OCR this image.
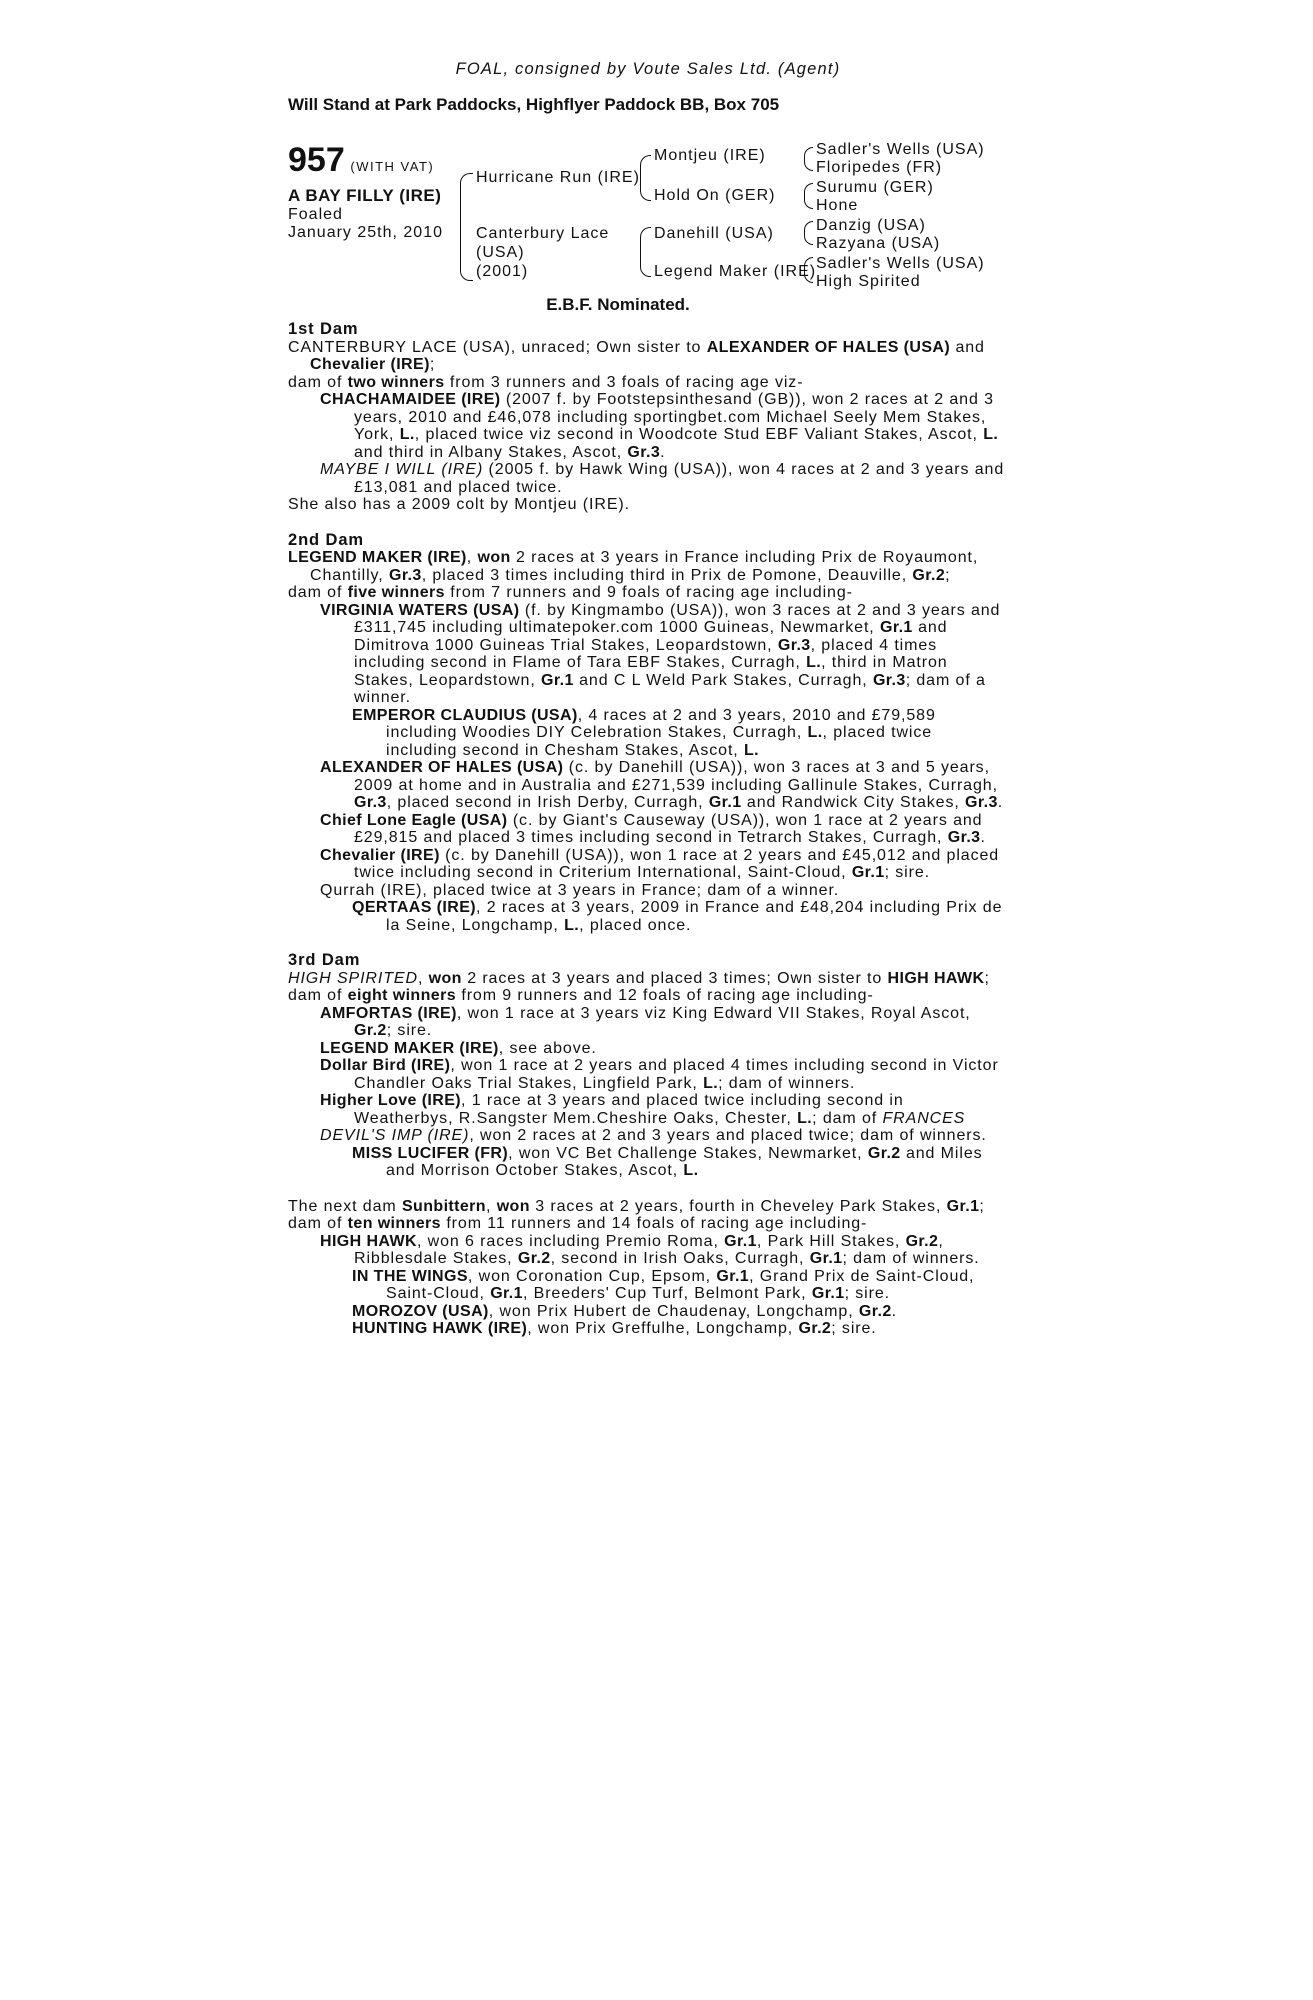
FOAL, consigned by Voute Sales Ltd. (Agent)
Will Stand at Park Paddocks, Highflyer Paddock BB, Box 705
957 (WITH VAT)
A BAY FILLY (IRE)
Foaled
January 25th, 2010
Hurricane Run (IRE)
Canterbury Lace
(USA)
(2001)
Montjeu (IRE)
Hold On (GER)
Danehill (USA)
Legend Maker (IRE)
Sadler's Wells (USA)
Floripedes (FR)
Surumu (GER)
Hone
Danzig (USA)
Razyana (USA)
Sadler's Wells (USA)
High Spirited
E.B.F. Nominated.
1st Dam

CANTERBURY LACE (USA), unraced; Own sister to ALEXANDER OF HALES (USA) and Chevalier (IRE);

dam of two winners from 3 runners and 3 foals of racing age viz-

CHACHAMAIDEE (IRE) (2007 f. by Footstepsinthesand (GB)), won 2 races at 2 and 3 years, 2010 and £46,078 including sportingbet.com Michael Seely Mem Stakes, York, L., placed twice viz second in Woodcote Stud EBF Valiant Stakes, Ascot, L. and third in Albany Stakes, Ascot, Gr.3.

MAYBE I WILL (IRE) (2005 f. by Hawk Wing (USA)), won 4 races at 2 and 3 years and £13,081 and placed twice.

She also has a 2009 colt by Montjeu (IRE).

2nd Dam

LEGEND MAKER (IRE), won 2 races at 3 years in France including Prix de Royaumont, Chantilly, Gr.3, placed 3 times including third in Prix de Pomone, Deauville, Gr.2;

dam of five winners from 7 runners and 9 foals of racing age including-

VIRGINIA WATERS (USA) (f. by Kingmambo (USA)), won 3 races at 2 and 3 years and £311,745 including ultimatepoker.com 1000 Guineas, Newmarket, Gr.1 and Dimitrova 1000 Guineas Trial Stakes, Leopardstown, Gr.3, placed 4 times including second in Flame of Tara EBF Stakes, Curragh, L., third in Matron Stakes, Leopardstown, Gr.1 and C L Weld Park Stakes, Curragh, Gr.3; dam of a winner.

EMPEROR CLAUDIUS (USA), 4 races at 2 and 3 years, 2010 and £79,589 including Woodies DIY Celebration Stakes, Curragh, L., placed twice including second in Chesham Stakes, Ascot, L.

ALEXANDER OF HALES (USA) (c. by Danehill (USA)), won 3 races at 3 and 5 years, 2009 at home and in Australia and £271,539 including Gallinule Stakes, Curragh, Gr.3, placed second in Irish Derby, Curragh, Gr.1 and Randwick City Stakes, Gr.3.

Chief Lone Eagle (USA) (c. by Giant's Causeway (USA)), won 1 race at 2 years and £29,815 and placed 3 times including second in Tetrarch Stakes, Curragh, Gr.3.

Chevalier (IRE) (c. by Danehill (USA)), won 1 race at 2 years and £45,012 and placed twice including second in Criterium International, Saint-Cloud, Gr.1; sire.

Qurrah (IRE), placed twice at 3 years in France; dam of a winner.

QERTAAS (IRE), 2 races at 3 years, 2009 in France and £48,204 including Prix de la Seine, Longchamp, L., placed once.

3rd Dam

HIGH SPIRITED, won 2 races at 3 years and placed 3 times; Own sister to HIGH HAWK;

dam of eight winners from 9 runners and 12 foals of racing age including-

AMFORTAS (IRE), won 1 race at 3 years viz King Edward VII Stakes, Royal Ascot, Gr.2; sire.

LEGEND MAKER (IRE), see above.

Dollar Bird (IRE), won 1 race at 2 years and placed 4 times including second in Victor Chandler Oaks Trial Stakes, Lingfield Park, L.; dam of winners.

Higher Love (IRE), 1 race at 3 years and placed twice including second in Weatherbys, R.Sangster Mem.Cheshire Oaks, Chester, L.; dam of FRANCES

DEVIL'S IMP (IRE), won 2 races at 2 and 3 years and placed twice; dam of winners.

MISS LUCIFER (FR), won VC Bet Challenge Stakes, Newmarket, Gr.2 and Miles and Morrison October Stakes, Ascot, L.

The next dam Sunbittern, won 3 races at 2 years, fourth in Cheveley Park Stakes, Gr.1;

dam of ten winners from 11 runners and 14 foals of racing age including-

HIGH HAWK, won 6 races including Premio Roma, Gr.1, Park Hill Stakes, Gr.2, Ribblesdale Stakes, Gr.2, second in Irish Oaks, Curragh, Gr.1; dam of winners.

IN THE WINGS, won Coronation Cup, Epsom, Gr.1, Grand Prix de Saint-Cloud, Saint-Cloud, Gr.1, Breeders' Cup Turf, Belmont Park, Gr.1; sire.

MOROZOV (USA), won Prix Hubert de Chaudenay, Longchamp, Gr.2.

HUNTING HAWK (IRE), won Prix Greffulhe, Longchamp, Gr.2; sire.
